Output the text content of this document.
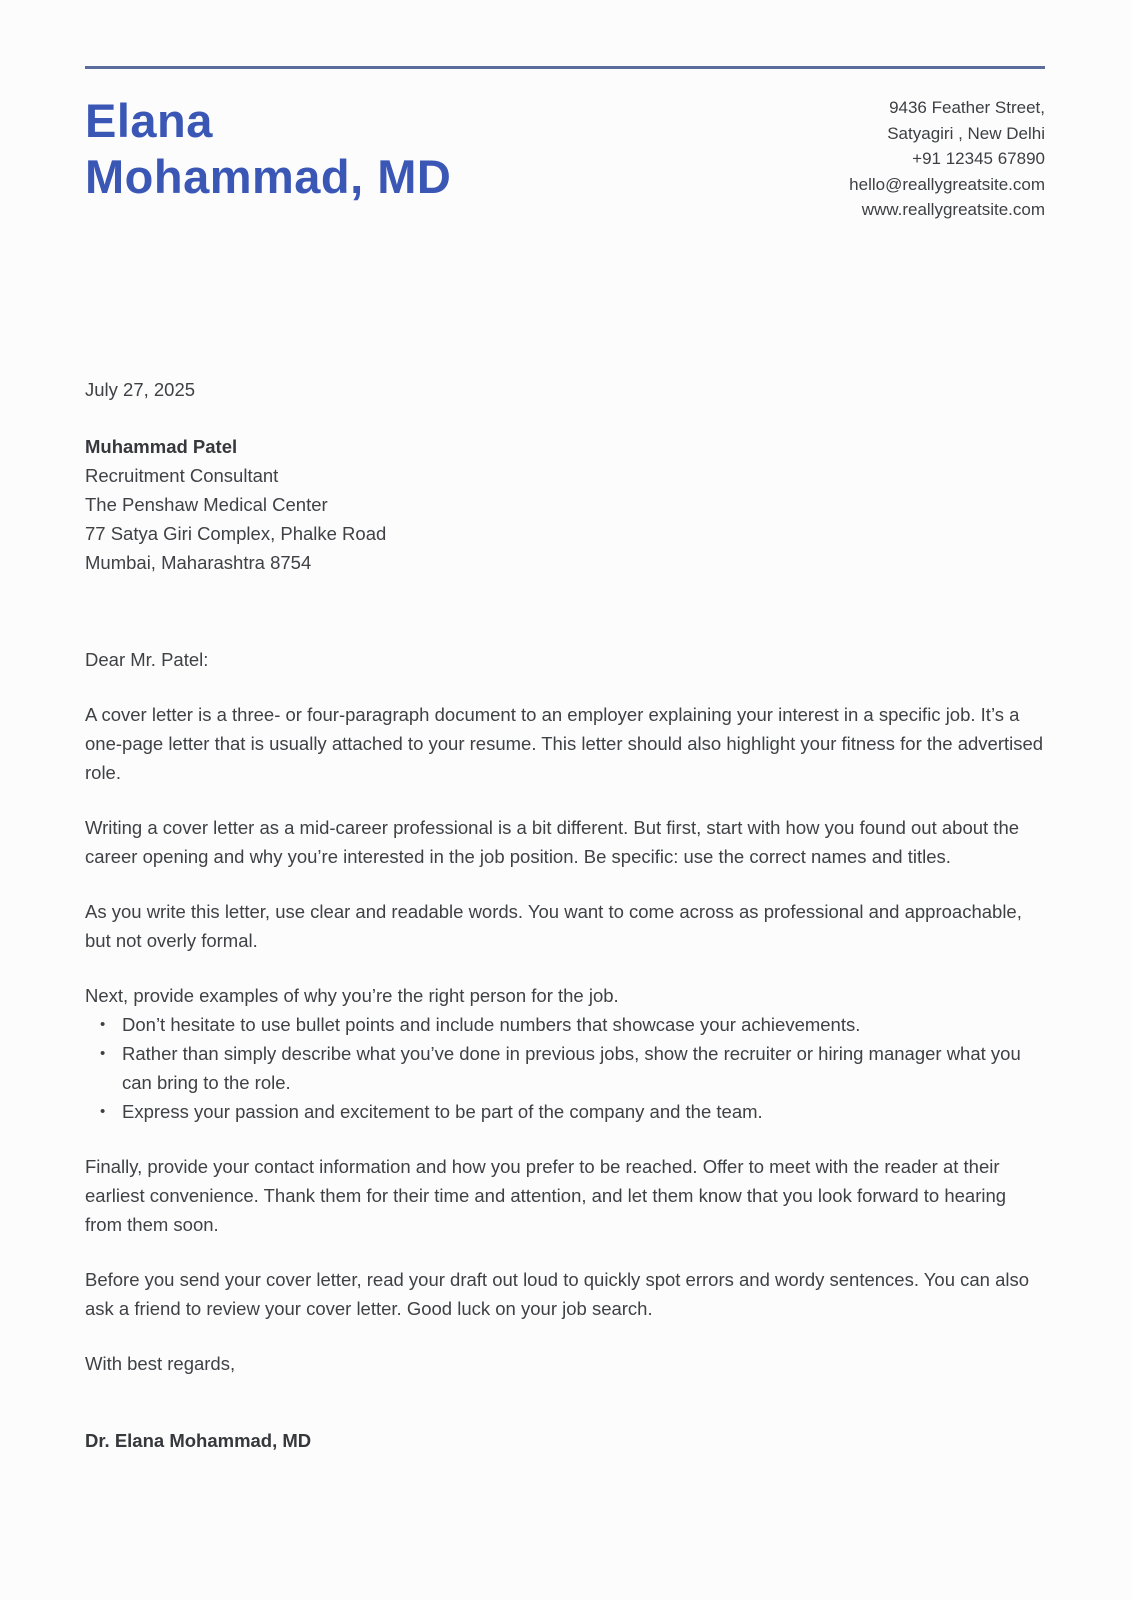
Elana
Mohammad, MD
9436 Feather Street,
Satyagiri , New Delhi
+91 12345 67890
hello@reallygreatsite.com
www.reallygreatsite.com
July 27, 2025
Muhammad Patel
Recruitment Consultant
The Penshaw Medical Center
77 Satya Giri Complex, Phalke Road
Mumbai, Maharashtra 8754
Dear Mr. Patel:

A cover letter is a three- or four-paragraph document to an employer explaining your interest in a specific job. It’s a one-page letter that is usually attached to your resume. This letter should also highlight your fitness for the advertised role.

Writing a cover letter as a mid-career professional is a bit different. But first, start with how you found out about the career opening and why you’re interested in the job position. Be specific: use the correct names and titles.

As you write this letter, use clear and readable words. You want to come across as professional and approachable, but not overly formal.

Next, provide examples of why you’re the right person for the job.

• Don’t hesitate to use bullet points and include numbers that showcase your achievements.
• Rather than simply describe what you’ve done in previous jobs, show the recruiter or hiring manager what you can bring to the role.
• Express your passion and excitement to be part of the company and the team.

Finally, provide your contact information and how you prefer to be reached. Offer to meet with the reader at their earliest convenience. Thank them for their time and attention, and let them know that you look forward to hearing from them soon.

Before you send your cover letter, read your draft out loud to quickly spot errors and wordy sentences. You can also ask a friend to review your cover letter. Good luck on your job search.

With best regards,

Dr. Elana Mohammad, MD
